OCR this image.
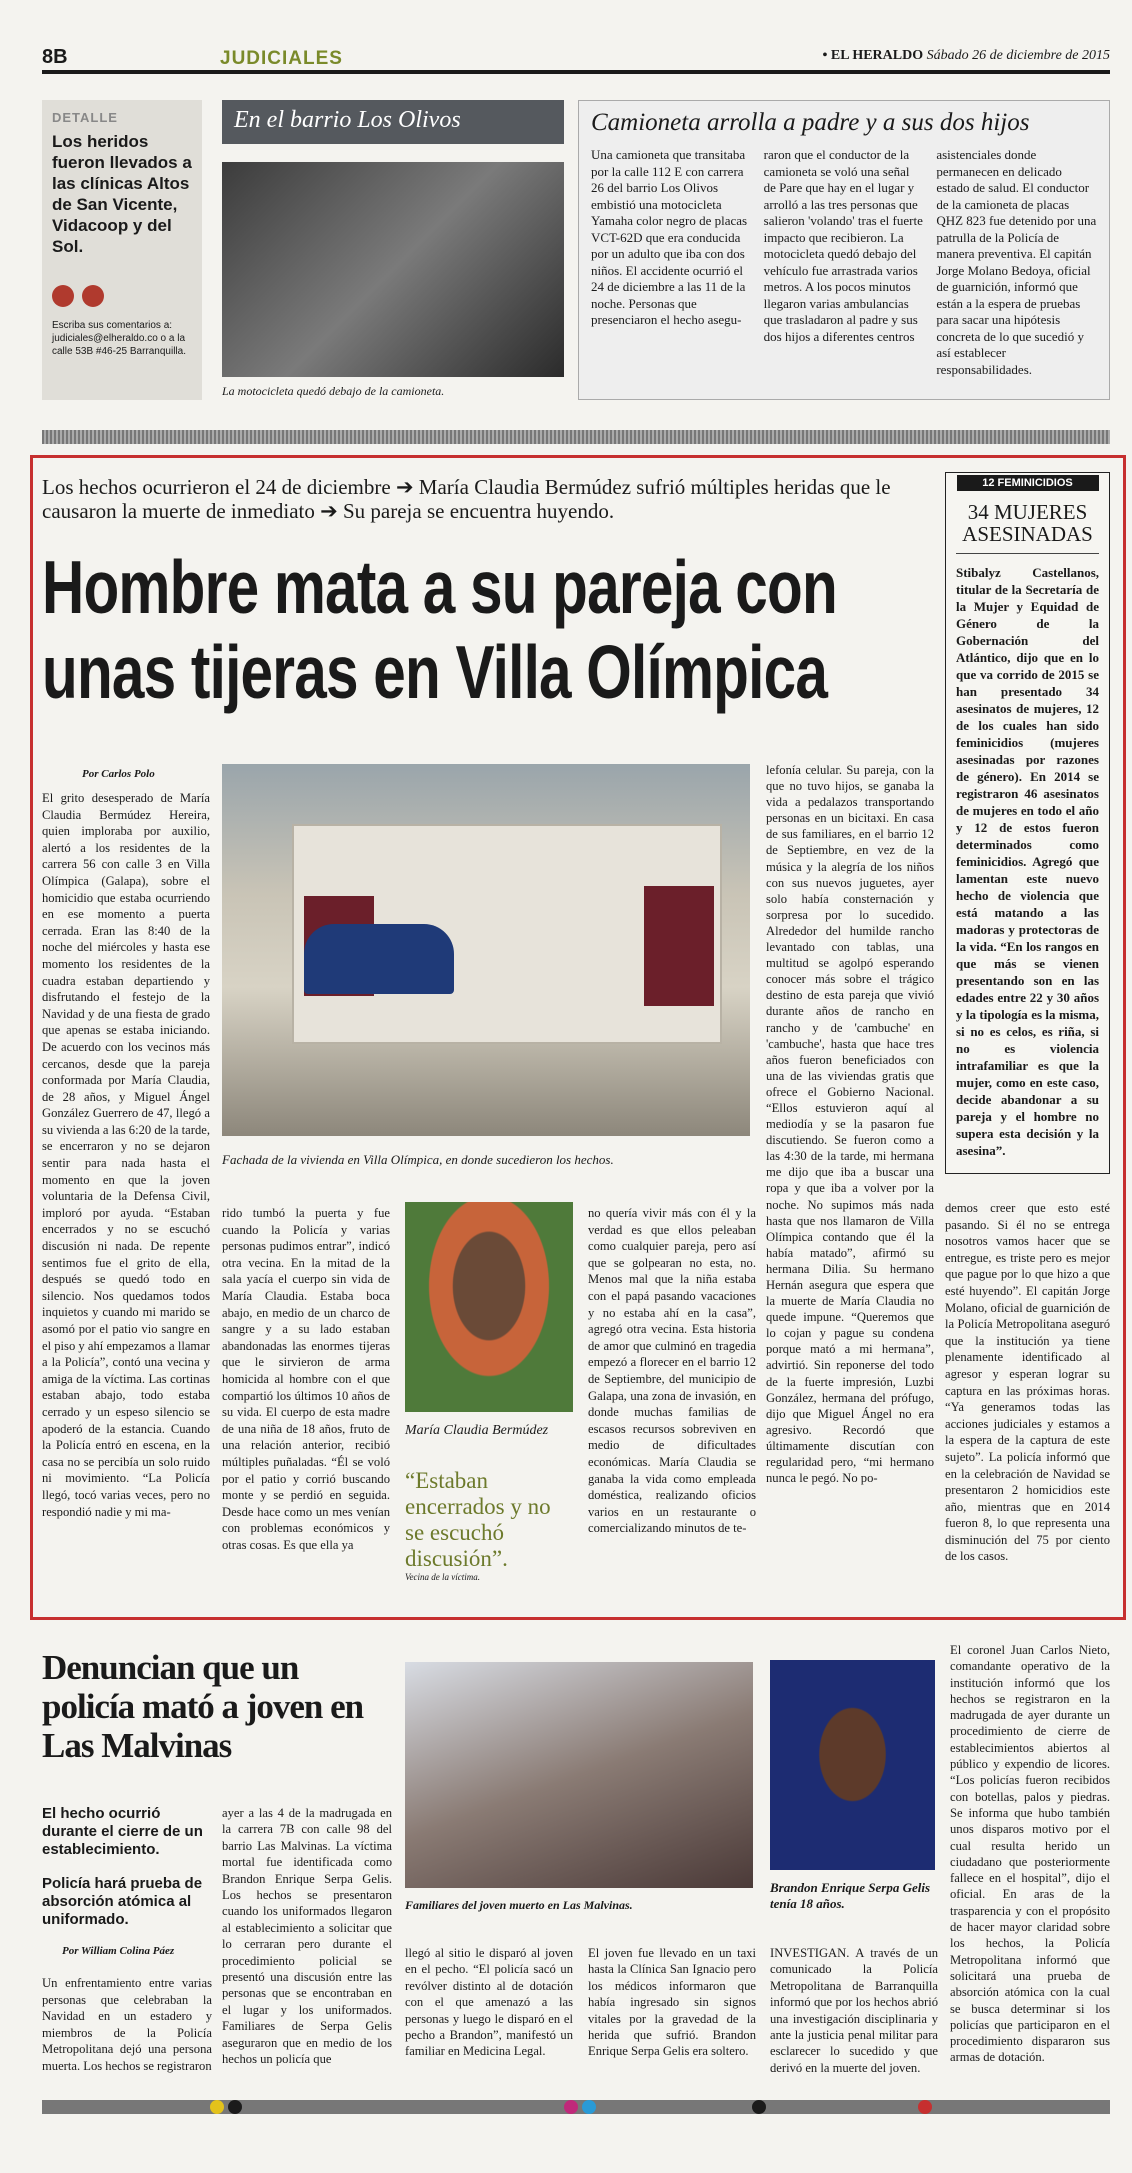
8B	JUDICIALES	• EL HERALDO Sábado 26 de diciembre de 2015
DETALLE
Los heridos fueron llevados a las clínicas Altos de San Vicente, Vidacoop y del Sol.
Escriba sus comentarios a: judiciales@elheraldo.co o a la calle 53B #46-25 Barranquilla.
En el barrio Los Olivos
La motocicleta quedó debajo de la camioneta.
Camioneta arrolla a padre y a sus dos hijos
Una camioneta que transitaba por la calle 112 E con carrera 26 del barrio Los Olivos embistió una motocicleta Yamaha color negro de placas VCT-62D que era conducida por un adulto que iba con dos niños. El accidente ocurrió el 24 de diciembre a las 11 de la noche. Personas que presenciaron el hecho asegu-
raron que el conductor de la camioneta se voló una señal de Pare que hay en el lugar y arrolló a las tres personas que salieron 'volando' tras el fuerte impacto que recibieron. La motocicleta quedó debajo del vehículo fue arrastrada varios metros. A los pocos minutos llegaron varias ambulancias que trasladaron al padre y sus dos hijos a diferentes centros
asistenciales donde permanecen en delicado estado de salud. El conductor de la camioneta de placas QHZ 823 fue detenido por una patrulla de la Policía de manera preventiva. El capitán Jorge Molano Bedoya, oficial de guarnición, informó que están a la espera de pruebas para sacar una hipótesis concreta de lo que sucedió y así establecer responsabilidades.
Los hechos ocurrieron el 24 de diciembre ➔ María Claudia Bermúdez sufrió múltiples heridas que le causaron la muerte de inmediato ➔ Su pareja se encuentra huyendo.
Hombre mata a su pareja con unas tijeras en Villa Olímpica
12 FEMINICIDIOS
34 MUJERES ASESINADAS
Stibalyz Castellanos, titular de la Secretaría de la Mujer y Equidad de Género de la Gobernación del Atlántico, dijo que en lo que va corrido de 2015 se han presentado 34 asesinatos de mujeres, 12 de los cuales han sido feminicidios (mujeres asesinadas por razones de género). En 2014 se registraron 46 asesinatos de mujeres en todo el año y 12 de estos fueron determinados como feminicidios. Agregó que lamentan este nuevo hecho de violencia que está matando a las madoras y protectoras de la vida. “En los rangos en que más se vienen presentando son en las edades entre 22 y 30 años y la tipología es la misma, si no es celos, es riña, si no es violencia intrafamiliar es que la mujer, como en este caso, decide abandonar a su pareja y el hombre no supera esta decisión y la asesina”.
Por Carlos Polo
El grito desesperado de María Claudia Bermúdez Hereira, quien imploraba por auxilio, alertó a los residentes de la carrera 56 con calle 3 en Villa Olímpica (Galapa), sobre el homicidio que estaba ocurriendo en ese momento a puerta cerrada. Eran las 8:40 de la noche del miércoles y hasta ese momento los residentes de la cuadra estaban departiendo y disfrutando el festejo de la Navidad y de una fiesta de grado que apenas se estaba iniciando. De acuerdo con los vecinos más cercanos, desde que la pareja conformada por María Claudia, de 28 años, y Miguel Ángel González Guerrero de 47, llegó a su vivienda a las 6:20 de la tarde, se encerraron y no se dejaron sentir para nada hasta el momento en que la joven voluntaria de la Defensa Civil, imploró por ayuda. “Estaban encerrados y no se escuchó discusión ni nada. De repente sentimos fue el grito de ella, después se quedó todo en silencio. Nos quedamos todos inquietos y cuando mi marido se asomó por el patio vio sangre en el piso y ahí empezamos a llamar a la Policía”, contó una vecina y amiga de la víctima. Las cortinas estaban abajo, todo estaba cerrado y un espeso silencio se apoderó de la estancia. Cuando la Policía entró en escena, en la casa no se percibía un solo ruido ni movimiento. “La Policía llegó, tocó varias veces, pero no respondió nadie y mi ma-
Fachada de la vivienda en Villa Olímpica, en donde sucedieron los hechos.
rido tumbó la puerta y fue cuando la Policía y varias personas pudimos entrar”, indicó otra vecina. En la mitad de la sala yacía el cuerpo sin vida de María Claudia. Estaba boca abajo, en medio de un charco de sangre y a su lado estaban abandonadas las enormes tijeras que le sirvieron de arma homicida al hombre con el que compartió los últimos 10 años de su vida. El cuerpo de esta madre de una niña de 18 años, fruto de una relación anterior, recibió múltiples puñaladas. “Él se voló por el patio y corrió buscando monte y se perdió en seguida. Desde hace como un mes venían con problemas económicos y otras cosas. Es que ella ya
María Claudia Bermúdez
“Estaban encerrados y no se escuchó discusión”.
Vecina de la víctima.
no quería vivir más con él y la verdad es que ellos peleaban como cualquier pareja, pero así que se golpearan no esta, no. Menos mal que la niña estaba con el papá pasando vacaciones y no estaba ahí en la casa”, agregó otra vecina. Esta historia de amor que culminó en tragedia empezó a florecer en el barrio 12 de Septiembre, del municipio de Galapa, una zona de invasión, en donde muchas familias de escasos recursos sobreviven en medio de dificultades económicas. María Claudia se ganaba la vida como empleada doméstica, realizando oficios varios en un restaurante o comercializando minutos de te-
lefonía celular. Su pareja, con la que no tuvo hijos, se ganaba la vida a pedalazos transportando personas en un bicitaxi. En casa de sus familiares, en el barrio 12 de Septiembre, en vez de la música y la alegría de los niños con sus nuevos juguetes, ayer solo había consternación y sorpresa por lo sucedido. Alrededor del humilde rancho levantado con tablas, una multitud se agolpó esperando conocer más sobre el trágico destino de esta pareja que vivió durante años de rancho en rancho y de 'cambuche' en 'cambuche', hasta que hace tres años fueron beneficiados con una de las viviendas gratis que ofrece el Gobierno Nacional. “Ellos estuvieron aquí al mediodía y se la pasaron fue discutiendo. Se fueron como a las 4:30 de la tarde, mi hermana me dijo que iba a buscar una ropa y que iba a volver por la noche. No supimos más nada hasta que nos llamaron de Villa Olímpica contando que él la había matado”, afirmó su hermana Dilia. Su hermano Hernán asegura que espera que la muerte de María Claudia no quede impune. “Queremos que lo cojan y pague su condena porque mató a mi hermana”, advirtió. Sin reponerse del todo de la fuerte impresión, Luzbi González, hermana del prófugo, dijo que Miguel Ángel no era agresivo. Recordó que últimamente discutían con regularidad pero, “mi hermano nunca le pegó. No po-
demos creer que esto esté pasando. Si él no se entrega nosotros vamos hacer que se entregue, es triste pero es mejor que pague por lo que hizo a que esté huyendo”. El capitán Jorge Molano, oficial de guarnición de la Policía Metropolitana aseguró que la institución ya tiene plenamente identificado al agresor y esperan lograr su captura en las próximas horas. “Ya generamos todas las acciones judiciales y estamos a la espera de la captura de este sujeto”. La policía informó que en la celebración de Navidad se presentaron 2 homicidios este año, mientras que en 2014 fueron 8, lo que representa una disminución del 75 por ciento de los casos.
Denuncian que un policía mató a joven en Las Malvinas
El hecho ocurrió durante el cierre de un establecimiento.
Policía hará prueba de absorción atómica al uniformado.
Por William Colina Páez
Un enfrentamiento entre varias personas que celebraban la Navidad en un estadero y miembros de la Policía Metropolitana dejó una persona muerta. Los hechos se registraron
ayer a las 4 de la madrugada en la carrera 7B con calle 98 del barrio Las Malvinas. La víctima mortal fue identificada como Brandon Enrique Serpa Gelis. Los hechos se presentaron cuando los uniformados llegaron al establecimiento a solicitar que lo cerraran pero durante el procedimiento policial se presentó una discusión entre las personas que se encontraban en el lugar y los uniformados. Familiares de Serpa Gelis aseguraron que en medio de los hechos un policía que
Familiares del joven muerto en Las Malvinas.
Brandon Enrique Serpa Gelis tenía 18 años.
llegó al sitio le disparó al joven en el pecho. “El policía sacó un revólver distinto al de dotación con el que amenazó a las personas y luego le disparó en el pecho a Brandon”, manifestó un familiar en Medicina Legal.
El joven fue llevado en un taxi hasta la Clínica San Ignacio pero los médicos informaron que había ingresado sin signos vitales por la gravedad de la herida que sufrió. Brandon Enrique Serpa Gelis era soltero.
INVESTIGAN. A través de un comunicado la Policía Metropolitana de Barranquilla informó que por los hechos abrió una investigación disciplinaria y ante la justicia penal militar para esclarecer lo sucedido y que derivó en la muerte del joven.
El coronel Juan Carlos Nieto, comandante operativo de la institución informó que los hechos se registraron en la madrugada de ayer durante un procedimiento de cierre de establecimientos abiertos al público y expendio de licores. “Los policías fueron recibidos con botellas, palos y piedras. Se informa que hubo también unos disparos motivo por el cual resulta herido un ciudadano que posteriormente fallece en el hospital”, dijo el oficial. En aras de la trasparencia y con el propósito de hacer mayor claridad sobre los hechos, la Policía Metropolitana informó que solicitará una prueba de absorción atómica con la cual se busca determinar si los policías que participaron en el procedimiento dispararon sus armas de dotación.
